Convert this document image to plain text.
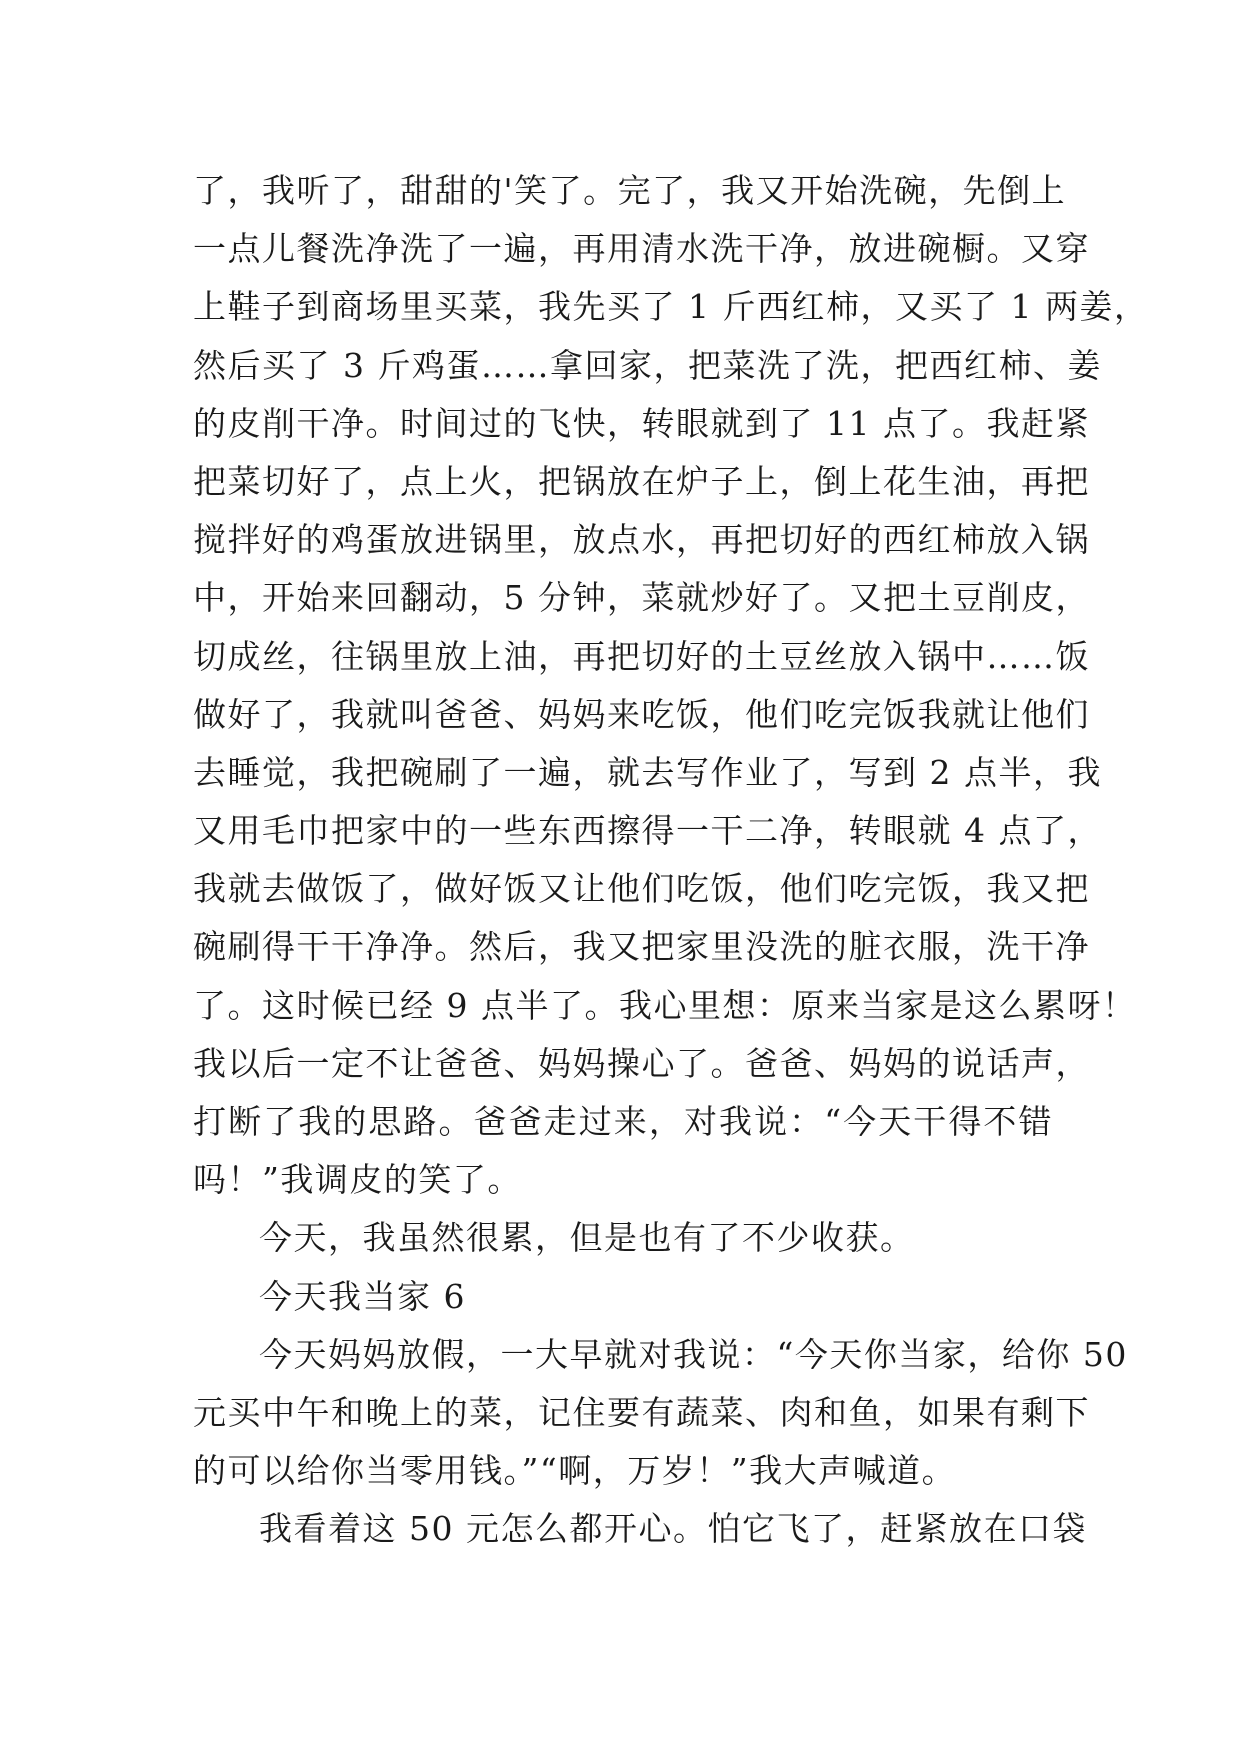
了，我听了，甜甜的'笑了。完了，我又开始洗碗，先倒上
一点儿餐洗净洗了一遍，再用清水洗干净，放进碗橱。又穿
上鞋子到商场里买菜，我先买了 1 斤西红柿，又买了 1 两姜，
然后买了 3 斤鸡蛋……拿回家，把菜洗了洗，把西红柿、姜
的皮削干净。时间过的飞快，转眼就到了 11 点了。我赶紧
把菜切好了，点上火，把锅放在炉子上，倒上花生油，再把
搅拌好的鸡蛋放进锅里，放点水，再把切好的西红柿放入锅
中，开始来回翻动，5 分钟，菜就炒好了。又把土豆削皮，
切成丝，往锅里放上油，再把切好的土豆丝放入锅中……饭
做好了，我就叫爸爸、妈妈来吃饭，他们吃完饭我就让他们
去睡觉，我把碗刷了一遍，就去写作业了，写到 2 点半，我
又用毛巾把家中的一些东西擦得一干二净，转眼就 4 点了，
我就去做饭了，做好饭又让他们吃饭，他们吃完饭，我又把
碗刷得干干净净。然后，我又把家里没洗的脏衣服，洗干净
了。这时候已经 9 点半了。我心里想：原来当家是这么累呀！
我以后一定不让爸爸、妈妈操心了。爸爸、妈妈的说话声，
打断了我的思路。爸爸走过来，对我说：“今天干得不错
吗！”我调皮的笑了。
今天，我虽然很累，但是也有了不少收获。
今天我当家 6
今天妈妈放假，一大早就对我说：“今天你当家，给你 50
元买中午和晚上的菜，记住要有蔬菜、肉和鱼，如果有剩下
的可以给你当零用钱。”“啊，万岁！”我大声喊道。
我看着这 50 元怎么都开心。怕它飞了，赶紧放在口袋
